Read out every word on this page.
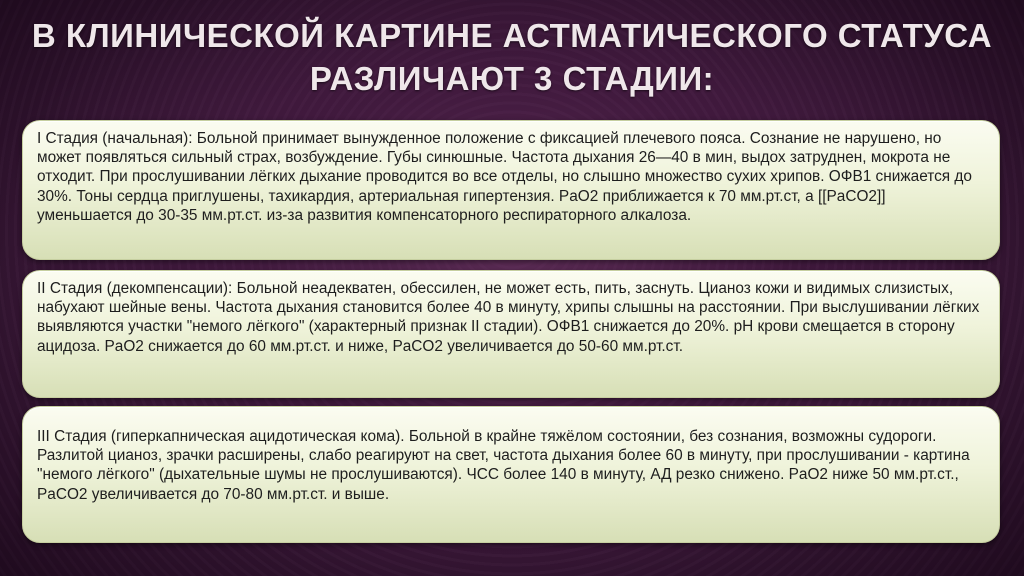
В КЛИНИЧЕСКОЙ КАРТИНЕ АСТМАТИЧЕСКОГО СТАТУСА РАЗЛИЧАЮТ 3 СТАДИИ:

I Стадия (начальная): Больной принимает вынужденное положение с фиксацией плечевого пояса. Сознание не нарушено, но может появляться сильный страх, возбуждение. Губы синюшные. Частота дыхания 26—40 в мин, выдох затруднен, мокрота не отходит. При прослушивании лёгких дыхание проводится во все отделы, но слышно множество сухих хрипов. ОФВ1 снижается до 30%. Тоны сердца приглушены, тахикардия, артериальная гипертензия. PaO2 приближается к 70 мм.рт.ст, а [[PaCO2]] уменьшается до 30-35 мм.рт.ст. из-за развития компенсаторного респираторного алкалоза.

II Стадия (декомпенсации): Больной неадекватен, обессилен, не может есть, пить, заснуть. Цианоз кожи и видимых слизистых, набухают шейные вены. Частота дыхания становится более 40 в минуту, хрипы слышны на расстоянии. При выслушивании лёгких выявляются участки "немого лёгкого" (характерный признак II стадии). ОФВ1 снижается до 20%. pH крови смещается в сторону ацидоза. PaO2 снижается до 60 мм.рт.ст. и ниже, PaCO2 увеличивается до 50-60 мм.рт.ст.

III Стадия (гиперкапническая ацидотическая кома). Больной в крайне тяжёлом состоянии, без сознания, возможны судороги. Разлитой цианоз, зрачки расширены, слабо реагируют на свет, частота дыхания более 60 в минуту, при прослушивании - картина "немого лёгкого" (дыхательные шумы не прослушиваются). ЧСС более 140 в минуту, АД резко снижено. PaO2 ниже 50 мм.рт.ст., PaCO2 увеличивается до 70-80 мм.рт.ст. и выше.
